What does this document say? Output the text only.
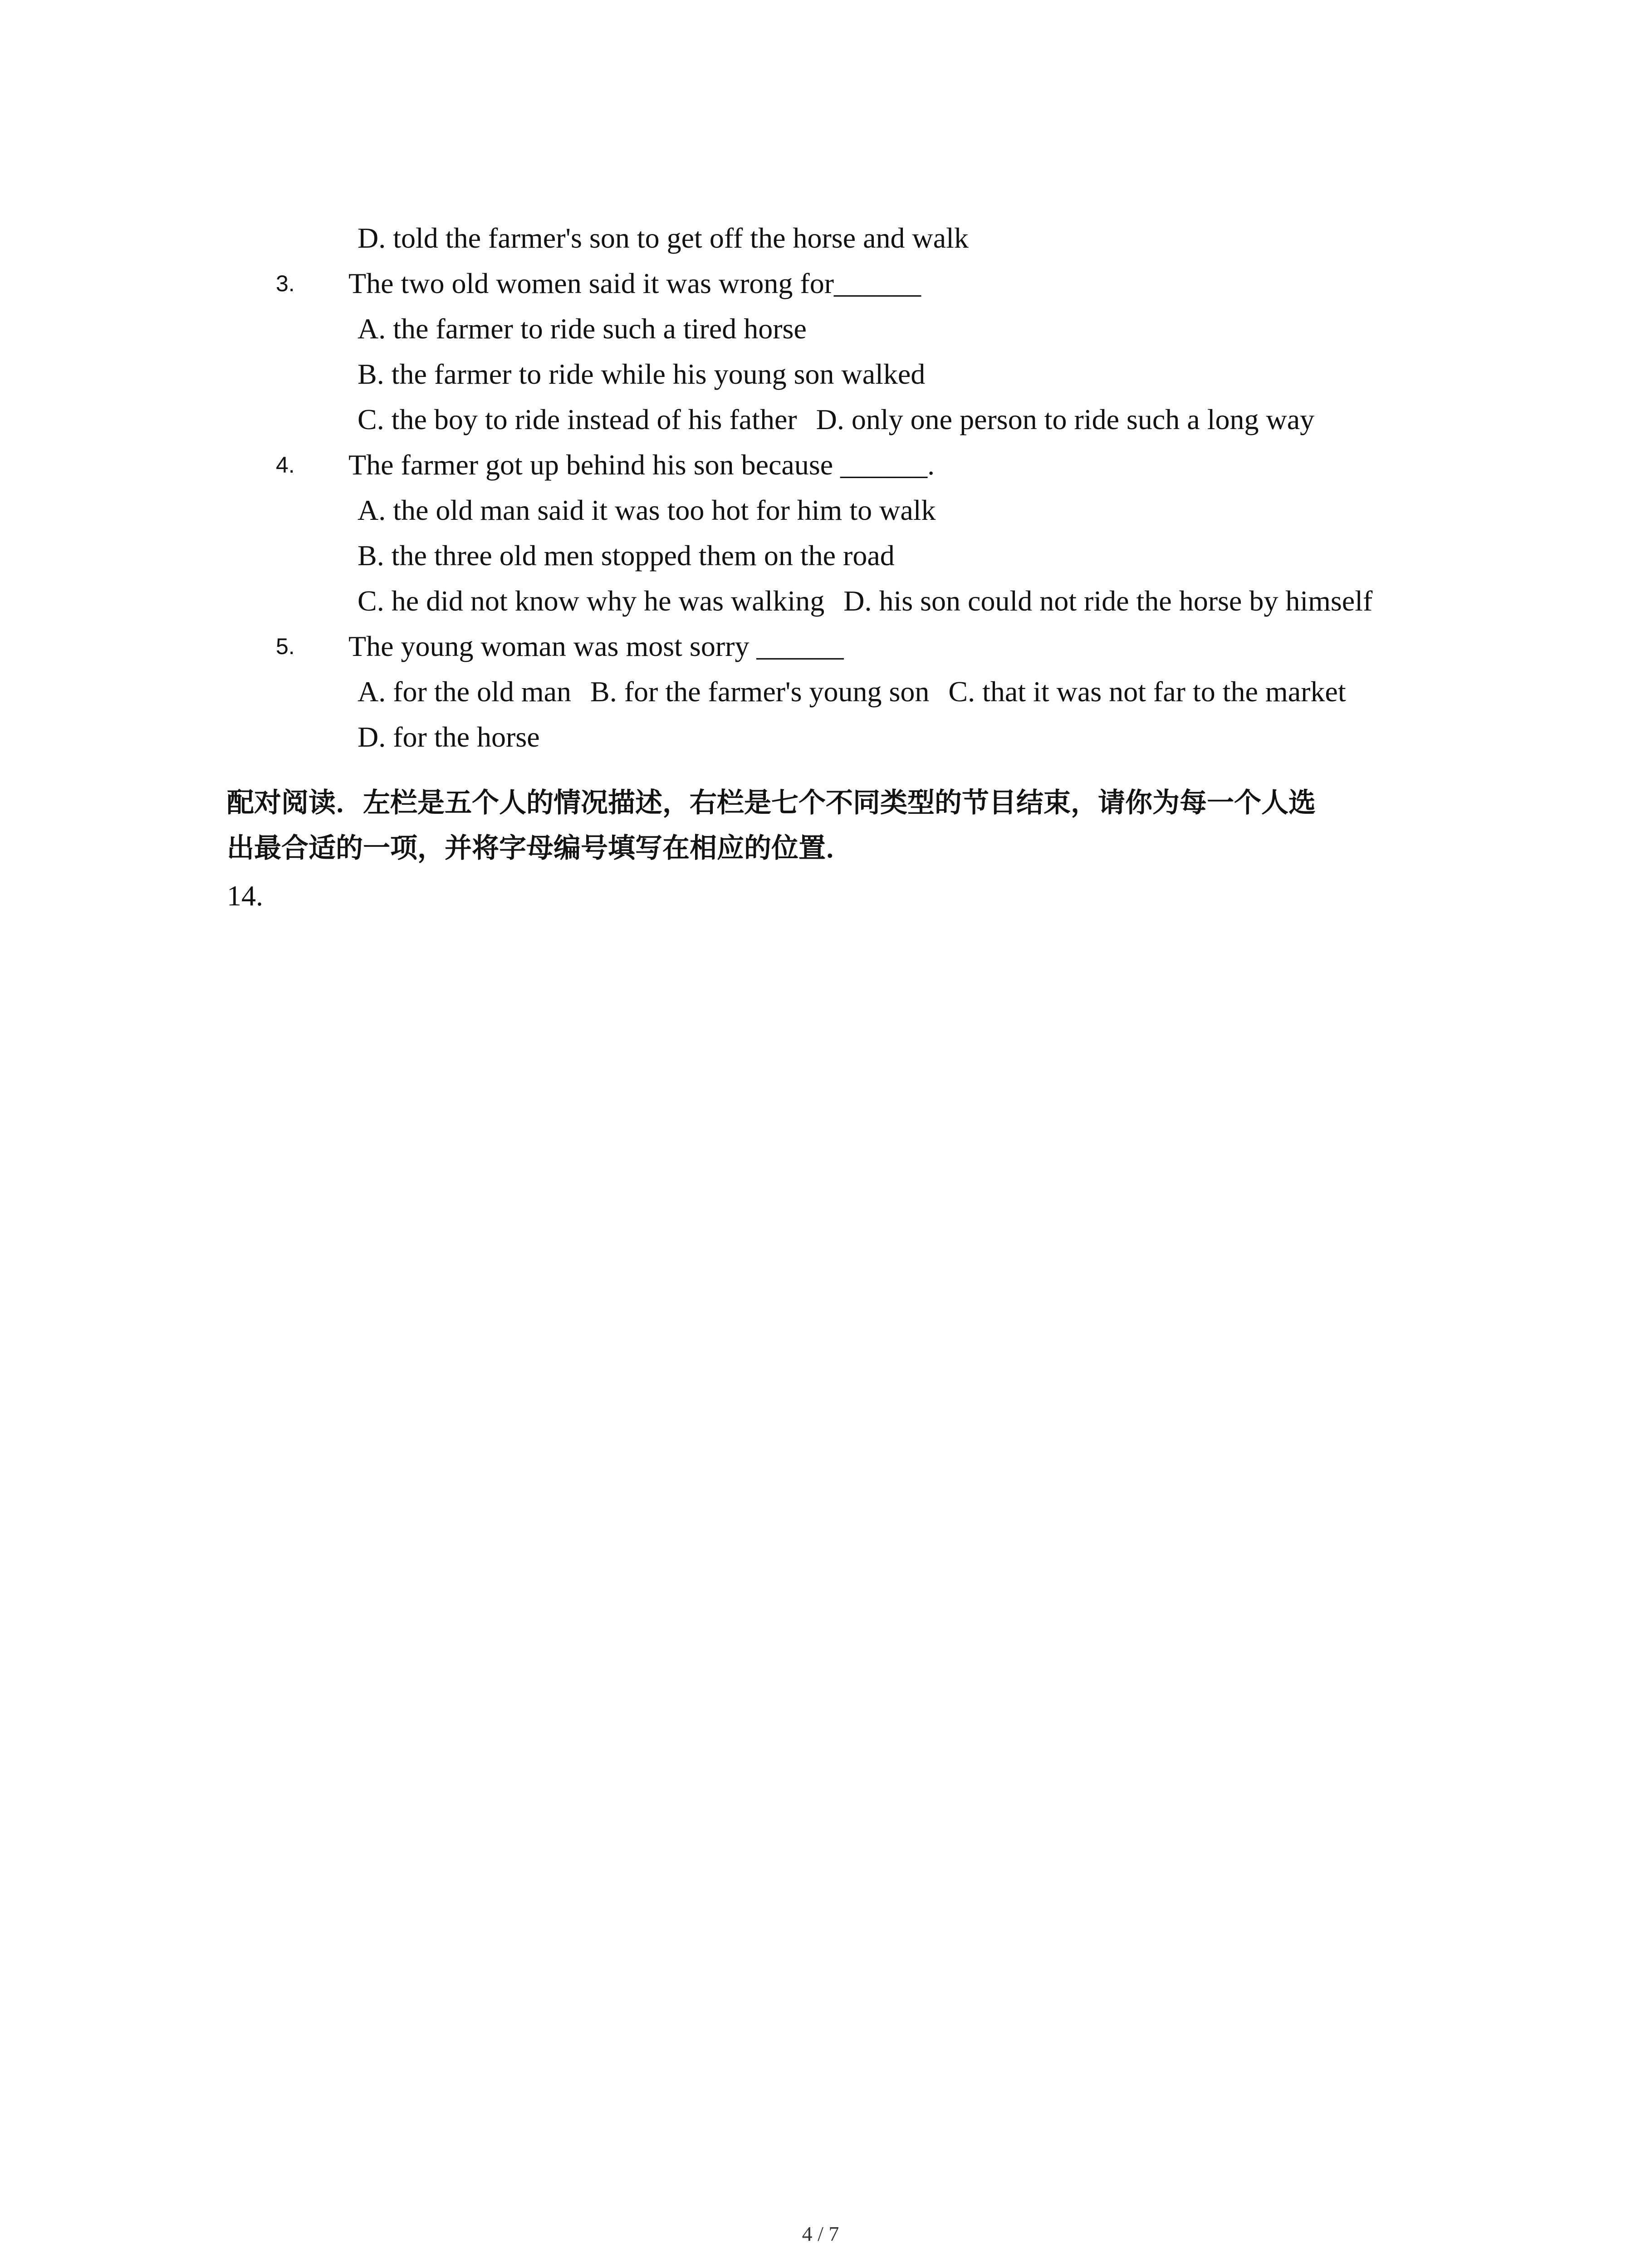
D. told the farmer's son to get off the horse and walk
3. The two old women said it was wrong for______
A. the farmer to ride such a tired horse
B. the farmer to ride while his young son walked
C. the boy to ride instead of his father D. only one person to ride such a long way
4. The farmer got up behind his son because ______.
A. the old man said it was too hot for him to walk
B. the three old men stopped them on the road
C. he did not know why he was walking D. his son could not ride the horse by himself
5. The young woman was most sorry ______
A. for the old man B. for the farmer's young son C. that it was not far to the market
D. for the horse
配对阅读．左栏是五个人的情况描述，右栏是七个不同类型的节目结束，请你为每一个人选
出最合适的一项，并将字母编号填写在相应的位置．
14.
4 / 7
